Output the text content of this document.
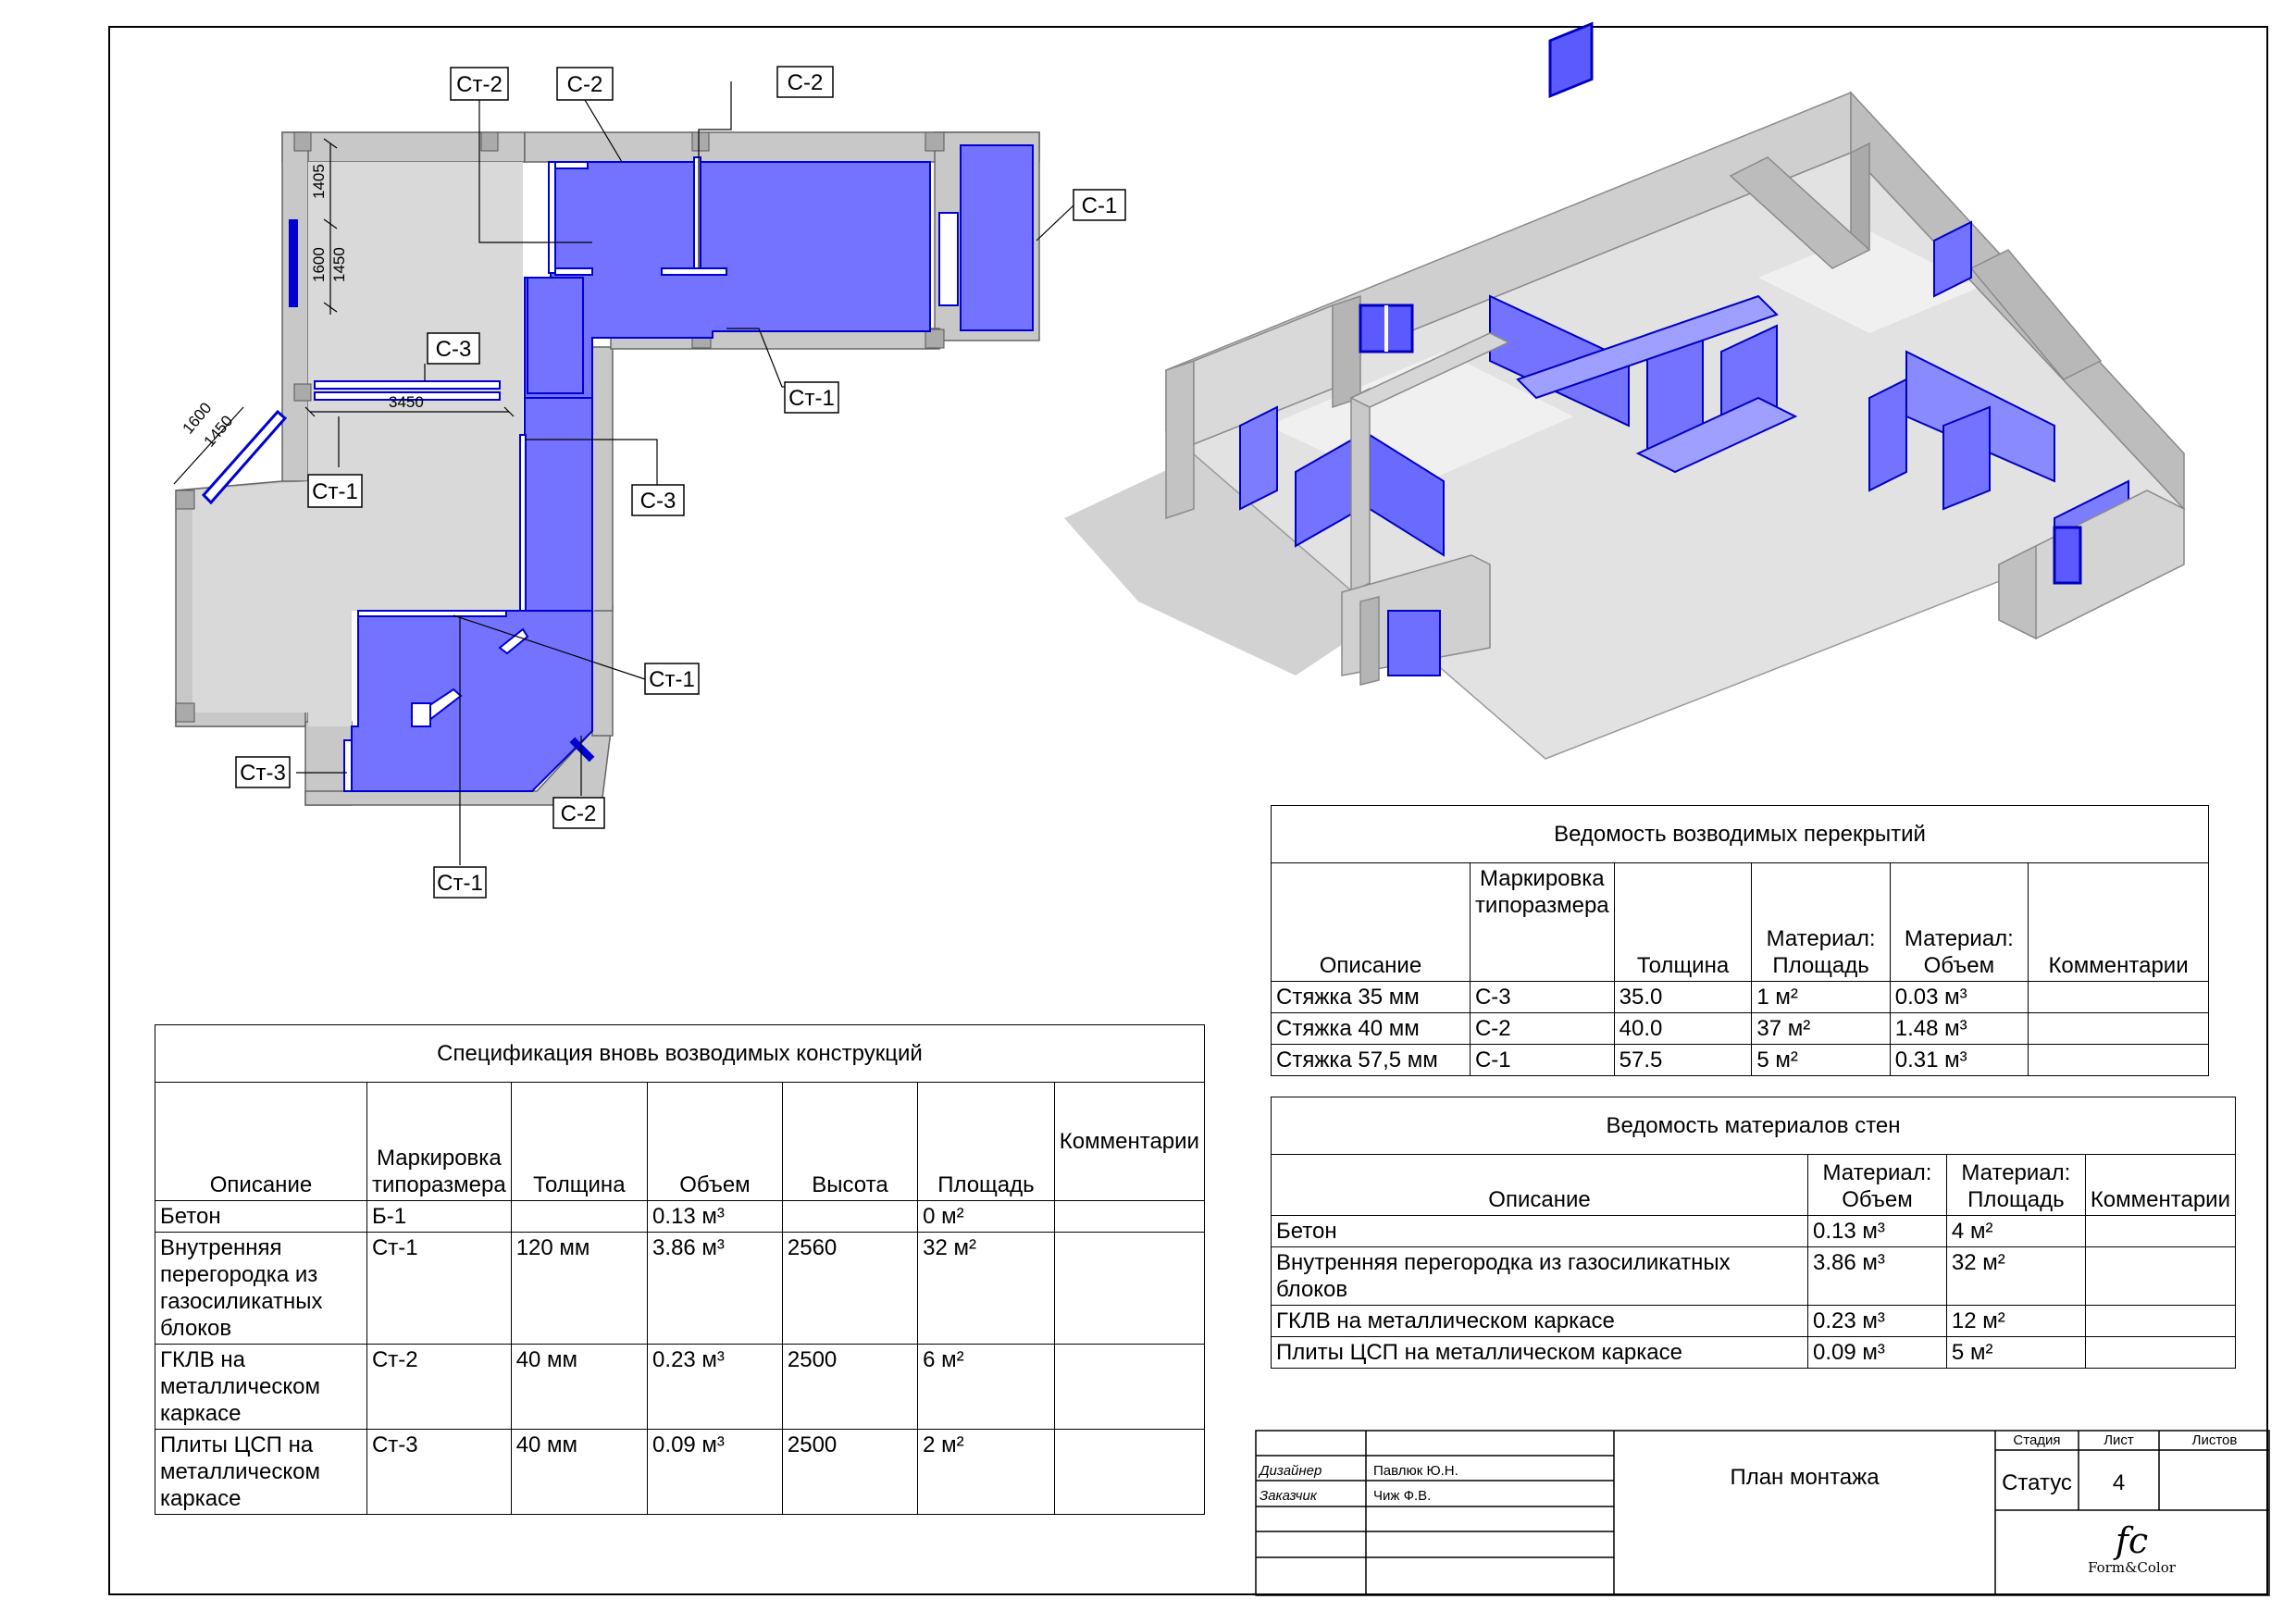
1405
1600 1450
3450
1600
1450
Ст-2	С-2	С-2
С-1
С-3
Ст-1
Ст-1	С-3
Ст-1
Ст-3
С-2
Ст-1
Спецификация вновь возводимых конструкций						
Описание	Маркировка типоразмера	Толщина	Объем	Высота	Площадь	Комментарии
Бетон	Б-1		0.13 м³		0 м²	
Внутренняя перегородка из газосиликатных блоков	Ст-1	120 мм	3.86 м³	2560	32 м²	
ГКЛВ на металлическом каркасе	Ст-2	40 мм	0.23 м³	2500	6 м²	
Плиты ЦСП на металлическом каркасе	Ст-3	40 мм	0.09 м³	2500	2 м²	
Ведомость возводимых перекрытий					
Описание	Маркировка типоразмера	Толщина	Материал: Площадь	Материал: Объем	Комментарии
Стяжка 35 мм	С-3	35.0	1 м²	0.03 м³	
Стяжка 40 мм	С-2	40.0	37 м²	1.48 м³	
Стяжка 57,5 мм	С-1	57.5	5 м²	0.31 м³	
Ведомость материалов стен			
Описание	Материал: Объем	Материал: Площадь	Комментарии
Бетон	0.13 м³	4 м²	
Внутренняя перегородка из газосиликатных блоков	3.86 м³	32 м²	
ГКЛВ на металлическом каркасе	0.23 м³	12 м²	
Плиты ЦСП на металлическом каркасе	0.09 м³	5 м²	
Дизайнер	Павлюк Ю.Н.
Заказчик	Чиж Ф.В.
План монтажа
Стадия	Лист	Листов
Статус	4
fc
Form&Color
